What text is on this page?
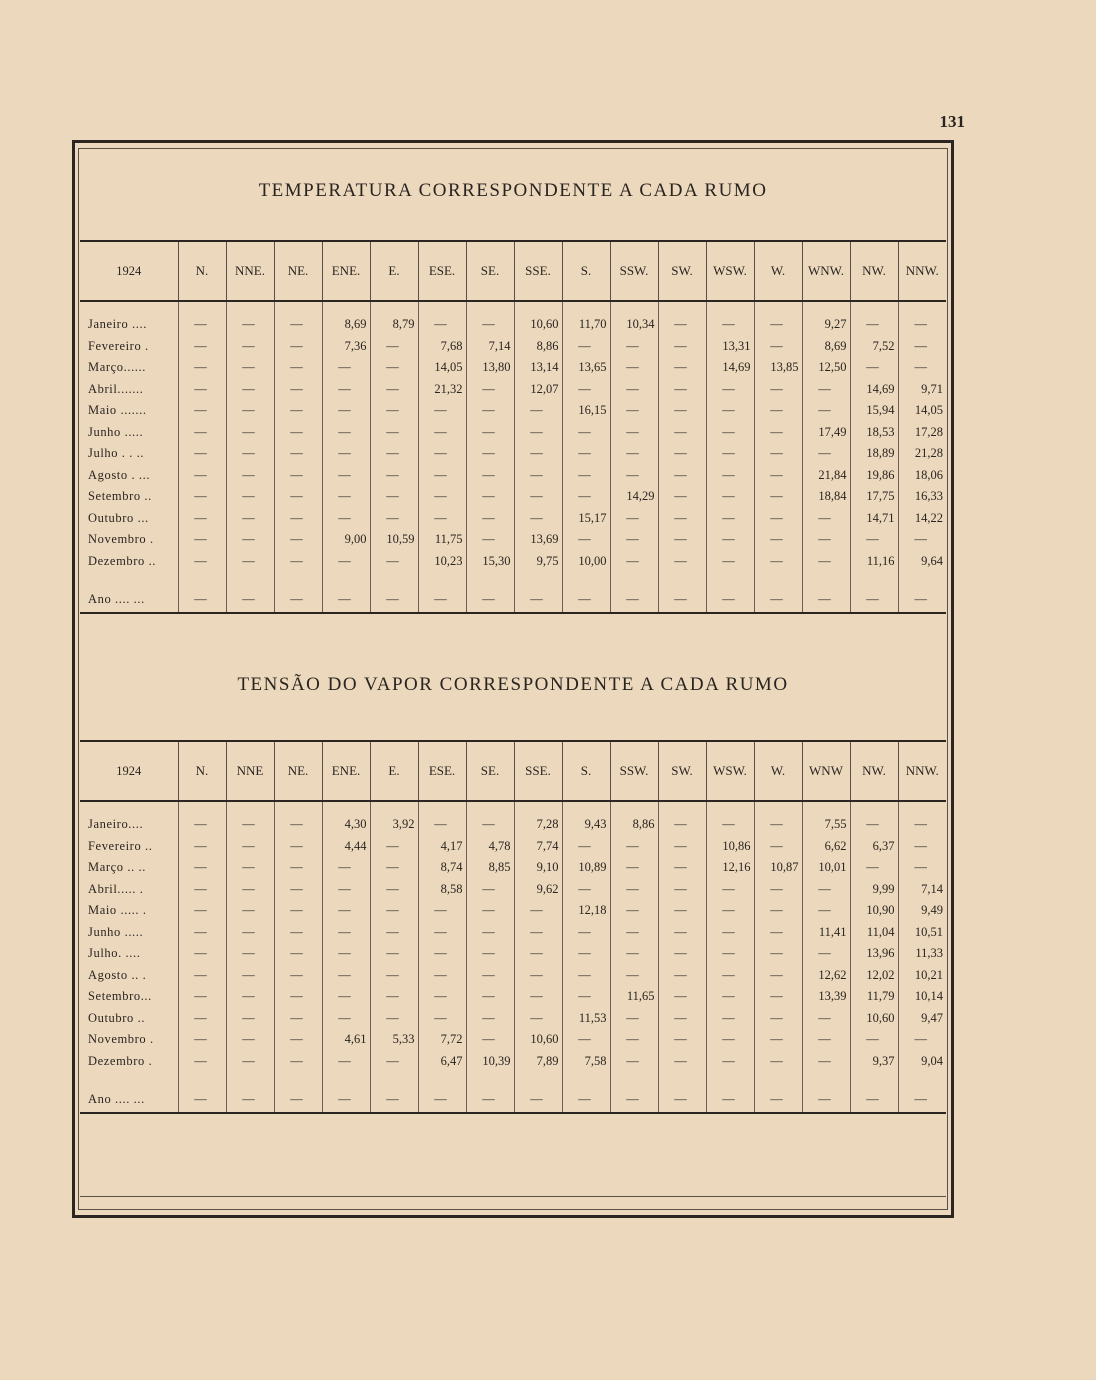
131
TEMPERATURA CORRESPONDENTE A CADA RUMO
1924	N.	NNE.	NE.	ENE.	E.	ESE.	SE.	SSE.	S.	SSW.	SW.	WSW.	W.	WNW.	NW.	NNW.
Janeiro ....	—	—	—	8,69	8,79	—	—	10,60	11,70	10,34	—	—	—	9,27	—	—
Fevereiro .	—	—	—	7,36	—	7,68	7,14	8,86	—	—	—	13,31	—	8,69	7,52	—
Março......	—	—	—	—	—	14,05	13,80	13,14	13,65	—	—	14,69	13,85	12,50	—	—
Abril.......	—	—	—	—	—	21,32	—	12,07	—	—	—	—	—	—	14,69	9,71
Maio .......	—	—	—	—	—	—	—	—	16,15	—	—	—	—	—	15,94	14,05
Junho .....	—	—	—	—	—	—	—	—	—	—	—	—	—	17,49	18,53	17,28
Julho . . ..	—	—	—	—	—	—	—	—	—	—	—	—	—	—	18,89	21,28
Agosto . ...	—	—	—	—	—	—	—	—	—	—	—	—	—	21,84	19,86	18,06
Setembro ..	—	—	—	—	—	—	—	—	—	14,29	—	—	—	18,84	17,75	16,33
Outubro ...	—	—	—	—	—	—	—	—	15,17	—	—	—	—	—	14,71	14,22
Novembro .	—	—	—	9,00	10,59	11,75	—	13,69	—	—	—	—	—	—	—	—
Dezembro ..	—	—	—	—	—	10,23	15,30	9,75	10,00	—	—	—	—	—	11,16	9,64

Ano .... ...	—	—	—	—	—	—	—	—	—	—	—	—	—	—	—	—
TENSÃO DO VAPOR CORRESPONDENTE A CADA RUMO
1924	N.	NNE	NE.	ENE.	E.	ESE.	SE.	SSE.	S.	SSW.	SW.	WSW.	W.	WNW	NW.	NNW.
Janeiro....	—	—	—	4,30	3,92	—	—	7,28	9,43	8,86	—	—	—	7,55	—	—
Fevereiro ..	—	—	—	4,44	—	4,17	4,78	7,74	—	—	—	10,86	—	6,62	6,37	—
Março .. ..	—	—	—	—	—	8,74	8,85	9,10	10,89	—	—	12,16	10,87	10,01	—	—
Abril..... .	—	—	—	—	—	8,58	—	9,62	—	—	—	—	—	—	9,99	7,14
Maio ..... .	—	—	—	—	—	—	—	—	12,18	—	—	—	—	—	10,90	9,49
Junho .....	—	—	—	—	—	—	—	—	—	—	—	—	—	11,41	11,04	10,51
Julho. ....	—	—	—	—	—	—	—	—	—	—	—	—	—	—	13,96	11,33
Agosto .. .	—	—	—	—	—	—	—	—	—	—	—	—	—	12,62	12,02	10,21
Setembro...	—	—	—	—	—	—	—	—	—	11,65	—	—	—	13,39	11,79	10,14
Outubro ..	—	—	—	—	—	—	—	—	11,53	—	—	—	—	—	10,60	9,47
Novembro .	—	—	—	4,61	5,33	7,72	—	10,60	—	—	—	—	—	—	—	—
Dezembro .	—	—	—	—	—	6,47	10,39	7,89	7,58	—	—	—	—	—	9,37	9,04

Ano .... ...	—	—	—	—	—	—	—	—	—	—	—	—	—	—	—	—
